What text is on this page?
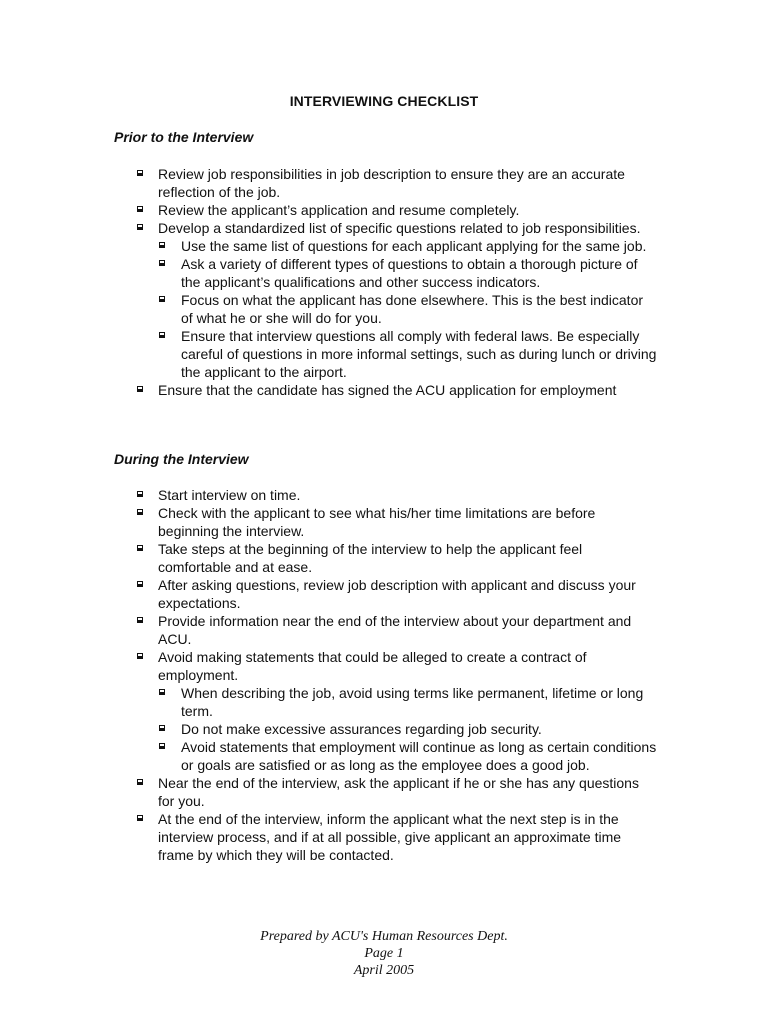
INTERVIEWING CHECKLIST
Prior to the Interview
Review job responsibilities in job description to ensure they are an accurate reflection of the job.
Review the applicant’s application and resume completely.
Develop a standardized list of specific questions related to job responsibilities.
Use the same list of questions for each applicant applying for the same job.
Ask a variety of different types of questions to obtain a thorough picture of the applicant’s qualifications and other success indicators.
Focus on what the applicant has done elsewhere. This is the best indicator of what he or she will do for you.
Ensure that interview questions all comply with federal laws. Be especially careful of questions in more informal settings, such as during lunch or driving the applicant to the airport.
Ensure that the candidate has signed the ACU application for employment
During the Interview
Start interview on time.
Check with the applicant to see what his/her time limitations are before beginning the interview.
Take steps at the beginning of the interview to help the applicant feel comfortable and at ease.
After asking questions, review job description with applicant and discuss your expectations.
Provide information near the end of the interview about your department and ACU.
Avoid making statements that could be alleged to create a contract of employment.
When describing the job, avoid using terms like permanent, lifetime or long term.
Do not make excessive assurances regarding job security.
Avoid statements that employment will continue as long as certain conditions or goals are satisfied or as long as the employee does a good job.
Near the end of the interview, ask the applicant if he or she has any questions for you.
At the end of the interview, inform the applicant what the next step is in the interview process, and if at all possible, give applicant an approximate time frame by which they will be contacted.
Prepared by ACU's Human Resources Dept.
Page 1
April 2005
